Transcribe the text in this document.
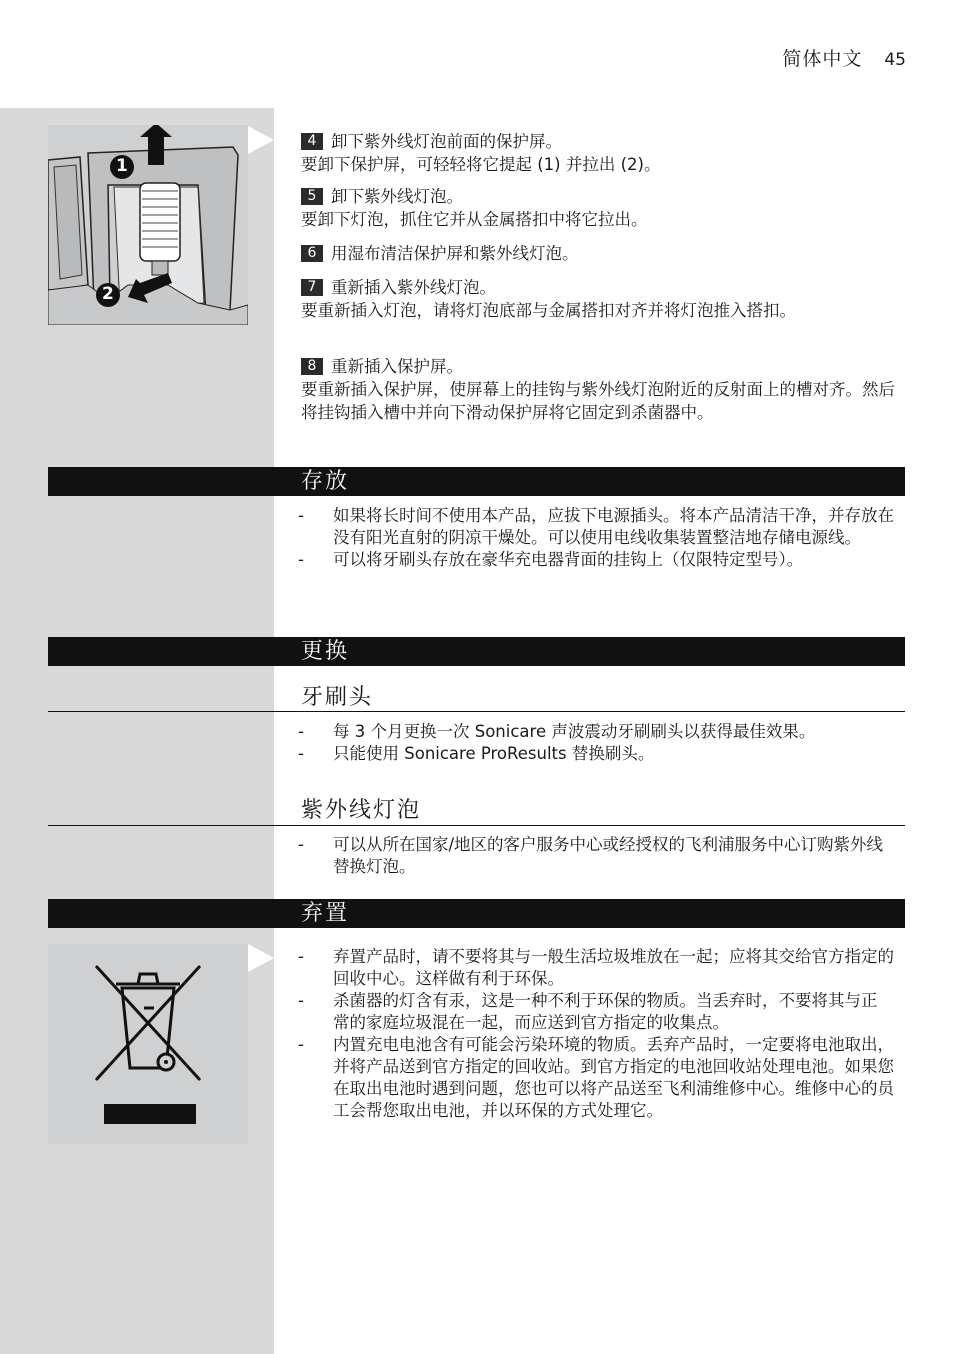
简体中文 45
1
2
4 卸下紫外线灯泡前面的保护屏。
要卸下保护屏，可轻轻将它提起 (1) 并拉出 (2)。
5 卸下紫外线灯泡。
要卸下灯泡，抓住它并从金属搭扣中将它拉出。
6 用湿布清洁保护屏和紫外线灯泡。
7 重新插入紫外线灯泡。
要重新插入灯泡，请将灯泡底部与金属搭扣对齐并将灯泡推入搭扣。
8 重新插入保护屏。
要重新插入保护屏，使屏幕上的挂钩与紫外线灯泡附近的反射面上的槽对齐。然后将挂钩插入槽中并向下滑动保护屏将它固定到杀菌器中。
存放
- 如果将长时间不使用本产品，应拔下电源插头。将本产品清洁干净，并存放在没有阳光直射的阴凉干燥处。可以使用电线收集装置整洁地存储电源线。
- 可以将牙刷头存放在豪华充电器背面的挂钩上（仅限特定型号）。
更换
牙刷头
- 每 3 个月更换一次 Sonicare 声波震动牙刷刷头以获得最佳效果。
- 只能使用 Sonicare ProResults 替换刷头。
紫外线灯泡
- 可以从所在国家/地区的客户服务中心或经授权的飞利浦服务中心订购紫外线替换灯泡。
弃置
- 弃置产品时，请不要将其与一般生活垃圾堆放在一起；应将其交给官方指定的回收中心。这样做有利于环保。
- 杀菌器的灯含有汞，这是一种不利于环保的物质。当丢弃时，不要将其与正常的家庭垃圾混在一起，而应送到官方指定的收集点。
- 内置充电电池含有可能会污染环境的物质。丢弃产品时，一定要将电池取出，并将产品送到官方指定的回收站。到官方指定的电池回收站处理电池。如果您在取出电池时遇到问题，您也可以将产品送至飞利浦维修中心。维修中心的员工会帮您取出电池，并以环保的方式处理它。
